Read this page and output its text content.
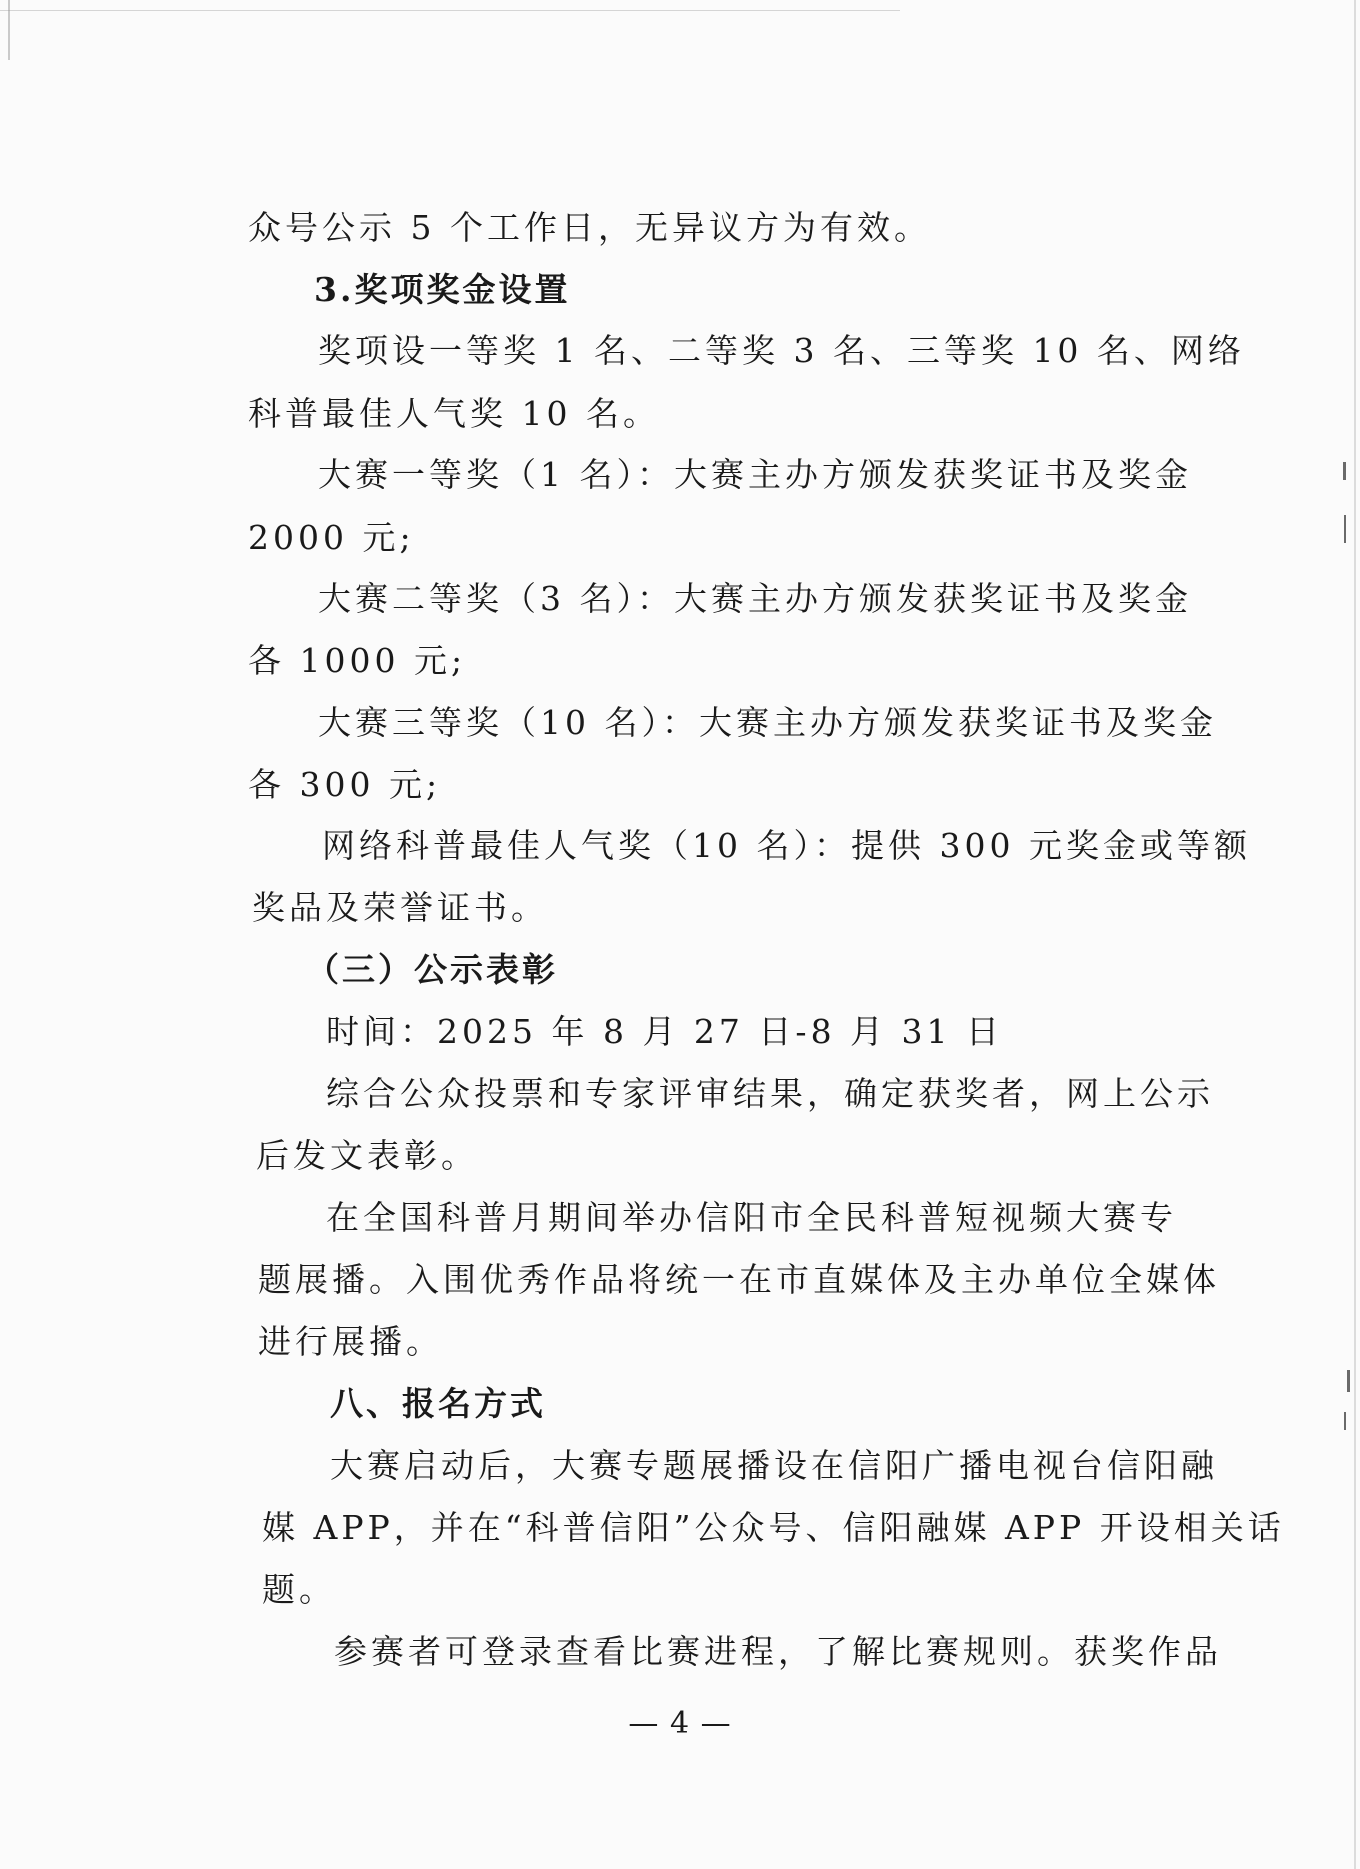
众号公示 5 个工作日，无异议方为有效。
3.奖项奖金设置
奖项设一等奖 1 名、二等奖 3 名、三等奖 10 名、网络
科普最佳人气奖 10 名。
大赛一等奖（1 名）：大赛主办方颁发获奖证书及奖金
2000 元;
大赛二等奖（3 名）：大赛主办方颁发获奖证书及奖金
各 1000 元;
大赛三等奖（10 名）：大赛主办方颁发获奖证书及奖金
各 300 元;
网络科普最佳人气奖（10 名）：提供 300 元奖金或等额
奖品及荣誉证书。
（三）公示表彰
时间：2025 年 8 月 27 日-8 月 31 日
综合公众投票和专家评审结果，确定获奖者，网上公示
后发文表彰。
在全国科普月期间举办信阳市全民科普短视频大赛专
题展播。入围优秀作品将统一在市直媒体及主办单位全媒体
进行展播。
八、报名方式
大赛启动后，大赛专题展播设在信阳广播电视台信阳融
媒 APP，并在“科普信阳”公众号、信阳融媒 APP 开设相关话
题。
参赛者可登录查看比赛进程，了解比赛规则。获奖作品
— 4 —
